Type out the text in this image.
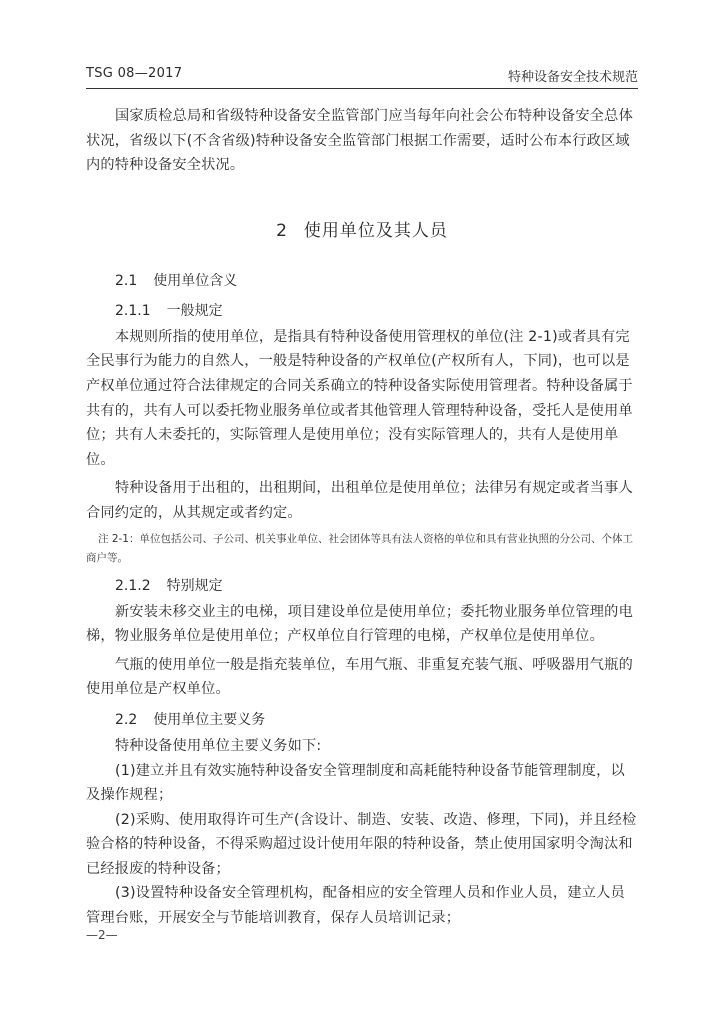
TSG 08—2017	特种设备安全技术规范

国家质检总局和省级特种设备安全监管部门应当每年向社会公布特种设备安全总体状况，省级以下(不含省级)特种设备安全监管部门根据工作需要，适时公布本行政区域内的特种设备安全状况。

2 使用单位及其人员
2.1 使用单位含义
2.1.1 一般规定

本规则所指的使用单位，是指具有特种设备使用管理权的单位(注 2-1)或者具有完全民事行为能力的自然人，一般是特种设备的产权单位(产权所有人，下同)，也可以是产权单位通过符合法律规定的合同关系确立的特种设备实际使用管理者。特种设备属于共有的，共有人可以委托物业服务单位或者其他管理人管理特种设备，受托人是使用单位；共有人未委托的，实际管理人是使用单位；没有实际管理人的，共有人是使用单位。

特种设备用于出租的，出租期间，出租单位是使用单位；法律另有规定或者当事人合同约定的，从其规定或者约定。

注 2-1：单位包括公司、子公司、机关事业单位、社会团体等具有法人资格的单位和具有营业执照的分公司、个体工商户等。

2.1.2 特别规定

新安装未移交业主的电梯，项目建设单位是使用单位；委托物业服务单位管理的电梯，物业服务单位是使用单位；产权单位自行管理的电梯，产权单位是使用单位。

气瓶的使用单位一般是指充装单位，车用气瓶、非重复充装气瓶、呼吸器用气瓶的使用单位是产权单位。

2.2 使用单位主要义务

特种设备使用单位主要义务如下:

(1)建立并且有效实施特种设备安全管理制度和高耗能特种设备节能管理制度，以及操作规程；

(2)采购、使用取得许可生产(含设计、制造、安装、改造、修理，下同)，并且经检验合格的特种设备，不得采购超过设计使用年限的特种设备，禁止使用国家明令淘汰和已经报废的特种设备；

(3)设置特种设备安全管理机构，配备相应的安全管理人员和作业人员，建立人员管理台账，开展安全与节能培训教育，保存人员培训记录；

—2—
